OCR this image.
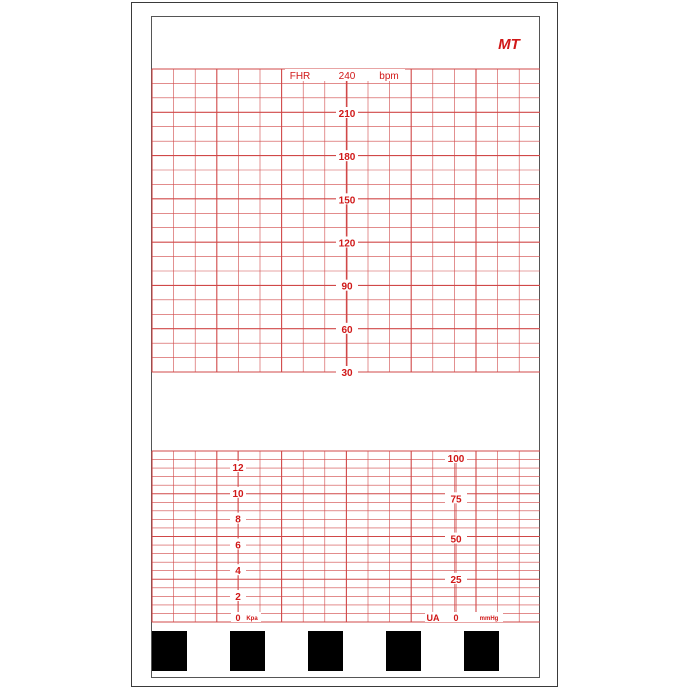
MT
FHR	240 bpm
210
180
150
120
90
60
30
12
10
8
6
4
2
100
75
50
25
0 Kpa	UA 0	mmHg
